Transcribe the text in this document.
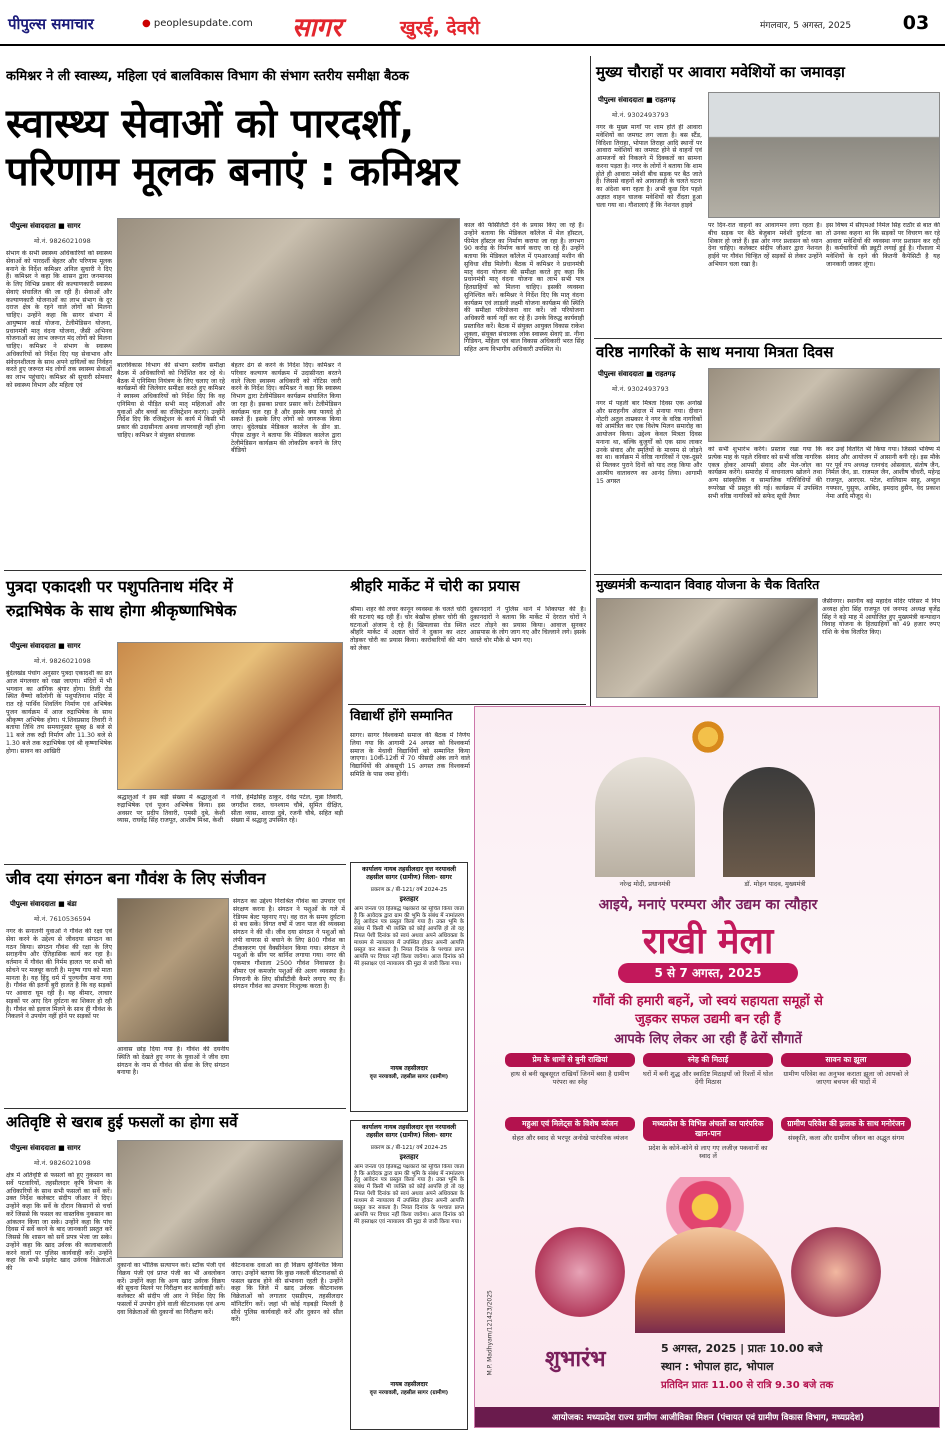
पीपुल्स समाचार	● peoplesupdate.com सागर	खुरई, देवरी	मंगलवार, 5 अगस्त, 2025	03
कमिश्नर ने ली स्वास्थ्य, महिला एवं बालविकास विभाग की संभाग स्तरीय समीक्षा बैठक
स्वास्थ्य सेवाओं को पारदर्शी,
परिणाम मूलक बनाएं : कमिश्नर
पीपुल्स संवाददाता ■ सागर
मो.नं. 9826021098
संभाग के सभी स्वास्थ्य अधिकारियों को स्वास्थ्य सेवाओं को पारदर्शी बेहतर और परिणाम मूलक बनाने के निर्देश कमिश्नर अनिल सुचारी ने दिए हैं। कमिश्नर ने कहा कि शासन द्वारा जनमानस के लिए विभिन्न प्रकार की कल्याणकारी स्वास्थ्य सेवाएं संचालित की जा रही हैं। सेवाओं और कल्याणकारी योजनाओं का लाभ संभाग के दूर दराज क्षेत्र के रहने वाले लोगों को मिलना चाहिए। उन्होंने कहा कि सागर संभाग में आयुष्मान कार्ड योजना, टेलीमेडिसन योजना, प्रधानमंत्री मातृ वंदना योजना, जैसी अभिनव योजनाओं का लाभ जरूरत मंद लोगों को मिलना चाहिए। कमिश्नर ने संभाग के स्वास्थ्य अधिकारियों को निर्देश दिए यह सेवाभाव और संवेदनशीलता के साथ अपने दायित्वों का निर्वहन करते हुए जरूरत मंद लोगों तक स्वास्थ्य सेवाओं का लाभ पहुंचाएं। कमिश्नर श्री सुचारी सोमवार को स्वास्थ्य विभाग और महिला एवं
बालविकास विभाग की संभाग स्तरीय समीक्षा बैठक में अधिकारियों को निर्देशित कर रहे थे। बैठक में एनिमिया नियंत्रण के लिए चलाए जा रहे कार्यक्रमों की जिलेवार समीक्षा करते हुए कमिश्नर ने स्वास्थ्य अधिकारियों को निर्देश दिए कि वह एनिमिया से पीड़ित सभी मातृ महिलाओं और युवाओं और बच्चों का रजिस्ट्रेशन कराएं। उन्होंने निर्देश दिए कि रजिस्ट्रेशन के कार्य में किसी भी प्रकार की उदासीनता अथवा लापरवाही नहीं होना चाहिए। कमिश्नर ने संयुक्त संचालक
बेहतर ढंग से करने के निर्देश दिए। कमिश्नर ने परिवार कल्याण कार्यक्रम में उदासीनता बरतने वाले जिला स्वास्थ्य अधिकारी को नोटिस जारी करने के निर्देश दिए। कमिश्नर ने कहा कि स्वास्थ्य विभाग द्वारा टेलीमेडिसन कार्यक्रम संचालित किया जा रहा है। इसका प्रचार प्रसार करें। टेलीमेडिसन कार्यक्रम चल रहा है और इसके क्या फायदे हो सकते हैं। इसके लिए लोगों को जागरूक किया जाए। बुंदेलखंड मेडिकल कालेज के डीन डा. पीएस ठाकुर ने बताया कि मेडिकल कालेज द्वारा टेलीमेडिसन कार्यक्रम की लोकप्रिय बनाने के लिए बीडियो
काल की फेसिलिटी देने के प्रयास किए जा रहे हैं। उन्होंने बताया कि मेडिकल कॉलेज में मेल हॉस्टल, फीमेल हॉस्टल का निर्माण कराया जा रहा है। लगभग 90 करोड़ के निर्माण कार्य कराए जा रहे हैं। उन्होंने बताया कि मेडिकल कॉलेज में एमआरआई मशीन की सुविधा शीघ्र मिलेगी। बैठक में कमिश्नर ने प्रधानमंत्री मातृ वंदना योजना की समीक्षा करते हुए कहा कि प्रधानमंत्री मातृ वंदना योजना का लाभ सभी पात्र हितग्राहियों को मिलना चाहिए। इसकी व्यवस्था सुनिश्चित करें। कमिश्नर ने निर्देश दिए कि मातृ वंदना कार्यक्रम एवं लाडली लक्ष्मी योजना कार्यक्रम की स्थिति की समीक्षा परियोजना वार करें। जो परियोजना अधिकारी कार्य नहीं कर रहे हैं। उनके विरुद्ध कार्यवाही प्रस्तावित करें। बैठक में संयुक्त आयुक्त विकास राकेश शुक्ला, संयुक्त संचालक लोक स्वास्थ्य सेवाएं डा. नीना गिडियन, महिला एवं बाल विकास अधिकारी भरत सिंह सहित अन्य विभागीय अधिकारी उपस्थित थे।
मुख्य चौराहों पर आवारा मवेशियों का जमावड़ा
पीपुल्स संवाददाता ■ राहतगढ़
मो.नं. 9302493793
नगर के मुख्य मार्गों पर शाम होते ही आवारा मवेशियों का जमघट लग जाता है। बस स्टैंड, विदिशा तिराहा, भोपाल तिराहा आदि स्थानों पर आवारा मवेशियों का जमघट होने से वाहनों एवं आमजनों को निकलने में दिक्कतों का सामना करना पड़ता है। नगर के लोगों ने बताया कि शाम होते ही आवारा मवेशी बीच सड़क पर बैठ जाते हैं। जिससे वाहनों को आवाजाही के चलते घटना का अंदेशा बना रहता है। अभी कुछ दिन पहले अज्ञात वाहन चालक मवेशियों को रौंदता हुआ चला गया था। गौशालाएं हैं कि नेशनल हाइवे
पर दिन-रात वाहनों का आवागमन लगा रहता है। बीच सड़क पर बैठे बेजुबान मवेशी दुर्घटना का शिकार हो जाते हैं। इस ओर नगर प्रशासन को ध्यान देना चाहिए। कलेक्टर संदीप जीआर द्वारा नेशनल हाईवे पर गौवंश चिन्हित रहें सड़कों से लेकर उन्होंने अभियान चला रखा है।
इस विषय में सीएमओ निर्मल सिंह राठौर से बात की तो उनका कहना था कि सड़कों पर विचरण कर रहे आवारा मवेशियों की व्यवस्था नगर प्रशासन कर रही है। कर्मचारियों की ड्यूटी लगाई हुई है। गौशाला में मवेशियों के रहने की कितनी कैपेसिटी है यह जानकारी जाकर लूंगा।
वरिष्ठ नागरिकों के साथ मनाया मित्रता दिवस
पीपुल्स संवाददाता ■ राहतगढ़
मो.नं. 9302493793
नगर में पहली बार मित्रता दिवस एक अनोखे और सराहनीय अंदाज में मनाया गया। दीवान नोटरी अतुल ताम्रकार ने नगर के वरिष्ठ नागरिकों को आमंत्रित कर एक विशेष मिलन समारोह का आयोजन किया। उद्देश्य केवल मित्रता दिवस मनाना था, बल्कि बुजुर्गों को एक साथ लाकर उनके संवाद और स्मृतियों के माध्यम से जोड़ने का था। कार्यक्रम में वरिष्ठ नागरिकों ने एक-दूसरे से मिलकर पुराने दिनों को याद तरह किया और आत्मीय वातावरण का आनंद लिया। आगामी 15 अगस्त
को सभी शुभारंभ करेंगे। प्रस्ताव रखा गया कि प्रत्येक माह के पहले रविवार को सभी वरिष्ठ नागरिक एकत्र होकर आपसी संवाद और मेल-जोल का कार्यक्रम करेंगे। समारोह में वाचनालय खोलने तथा अन्य सांस्कृतिक व सामाजिक गतिविधियों की रूपरेखा भी प्रस्तुत की गई। कार्यक्रम में उपस्थित सभी वरिष्ठ नागरिकों को सफेद सूची तैयार
कर उन्हें वितरित भी किया गया। जिससे भविष्य में संवाद और आयोजन में आसानी बनी रहे। इस मौके पर पूर्व नप अध्यक्ष रतनचंद ओसवाल, संतोष जैन, निर्मल जैन, डा. राजमल जैन, आशीष चौधरी, महेन्द्र राजपूत, आरएस. पटेल, शालिग्राम साहू, अब्दुल गफ्फार, युसुफ, आबिद, इमदाद हुसैन, वेद प्रकाश नेमा आदि मौजूद थे।
पुत्रदा एकादशी पर पशुपतिनाथ मंदिर में
रुद्राभिषेक के साथ होगा श्रीकृष्णाभिषेक
पीपुल्स संवाददाता ■ सागर
मो.नं. 9826021098
बुंदेलखंड पंचांग अनुसार पुत्रदा एकादशी का व्रत आज मंगलवार को रखा जाएगा। मंदिरों में भी भगवान का आंगिक श्रृंगार होगा। तिली रोड स्थित वैष्णो कॉलोनी के पशुपतिनाथ मंदिर में रात रहे पार्थिव शिवलिंग निर्माण एवं अभिषेक पूजन कार्यक्रम में आज रुद्राभिषेक के साथ श्रीकृष्ण अभिषेक होगा। पं.शिवप्रसाद तिवारी ने बताया तिथि तय समयानुसार सुबह 8 बजे से 11 बजे तक रुद्री निर्माण और 11.30 बजे से 1.30 बजे तक रुद्राभिषेक एवं श्री कृष्णाभिषेक होगा। सावन का आखिरी
श्रद्धालुओं ने इस बड़ी संख्या में श्रद्धालुओं ने रुद्राभिषेक एवं पूजन अभिषेक किया। इस अवसर पर प्रदीप तिवारी, एमसी दुबे, केशी व्यास, राघवेंद्र सिंह राजपूत, आशीष मिश्रा, केशी
गांधी, हेमेंद्रसिंह ठाकुर, देवेंद्र पटेल, मुन्ना तिवारी, जगदीश रावत, घनश्याम चौबे, सुमित दीक्षित, सीता व्यास, शारदा दुबे, रजनी चौबे, सहित बड़ी संख्या में श्रद्धालु उपस्थित रहे।
श्रीहरि मार्केट में चोरी का प्रयास
श्रीमा। शहर की लचर कानून व्यवस्था के चलते चोरी की घटनाएं बढ़ रही हैं। चोर बेखौफ होकर चोरी की घटनाओं अंजाम दे रहे हैं। खिमलासा रोड स्थित श्रीहरि मार्केट में अज्ञात चोरों ने दुकान का शटर तोड़कर चोरी का प्रयास किया। कारोबारियों की मांग को लेकर
दुकानदारों ने पुलिस थाने में शिकायत की है। दुकानदारों ने बताया कि मार्केट में देररात चोरों ने शटर तोड़ने का प्रयास किया। आवाज सुनकर आसपास के लोग जाग गए और चिल्लाने लगे। इसके चलते चोर मौके से भाग गए।
विद्यार्थी होंगे सम्मानित
सागर। सागर विश्वकर्मा समाज की बैठक में निर्णय लिया गया कि आगामी 24 अगस्त को विश्वकर्मा समाज के मेधावी विद्यार्थियों को सम्मानित किया जाएगा। 10वीं-12वीं में 70 फीसदी अंक लाने वाले विद्यार्थियों की अंकसूची 15 अगस्त तक विश्वकर्मा समिति के पास जमा होंगी।
मुख्यमंत्री कन्यादान विवाह योजना के चैक वितरित
जैसीनगर। स्थानीय बड़े महादेव मंदिर परिसर में निप अध्यक्ष होरा सिंह राजपूत एवं जनपद अध्यक्ष बृजेंद्र सिंह ने बड़े माह में आयोजित हुए मुख्यमंत्री कन्यादान विवाह योजना के हितग्राहियों को 49 हजार रुपए राशि के चेक वितरित किए।
जीव दया संगठन बना गौवंश के लिए संजीवन
पीपुल्स संवाददाता ■ बंडा
मो.नं. 7610536594
नगर के सनातनी युवाओं ने गौवंश की रक्षा एवं सेवा करने के उद्देश्य से जीवदया संगठन का गठन किया। संगठन गौवंश की रक्षा के लिए सराहनीय और ऐतिहासिक कार्य कर रहा है। वर्तमान में गौवंश की निर्मम हालत पर सभी को सोचने पर मजबूर करती है। मनुष्य गाय को माता मानता है। यह हिंदू धर्म में पूज्यनीय माना गया है। गौवंश की इतनी बुरी हालत है कि वह सड़कों पर आवारा घूम रही है। यह बीमार, लाचार सड़कों पर आए दिन दुर्घटना का शिकार हो रही है। गौवंश को इलाज मिलने के साथ ही गौवंश के निकलने ने उपयोग नहीं होने पर सड़कों पर
आवास छोड़ दिया गया है। गौवंश की दयनीय स्थिति को देखते हुए नगर के युवाओं ने जीव दया संगठन के नाम से गौवंश की सेवा के लिए संगठन बनाया है।
संगठन का उद्देश्य निराश्रित गौवंश का उपचार एवं संरक्षण करना है। संगठन ने पशुओं के गले में रेडियम बेल्ट पहनाए गए। वह रात के समय दुर्घटना से बच सकें। विगत वर्षों में जान पाल की व्यवस्था संगठन ने की थी। जीव दया संगठन ने पशुओं को लंपी वायरस से बचाने के लिए 800 गौवंश का टीकाकरण एवं वैक्सीनेशन किया गया। संगठन ने पशुओं के सींग पर बार्निश लगाया गया। नगर की एकमात्र गौशाला 2500 गौवंश निवासरत है। बीमार एवं कमजोर पशुओं की अलग व्यवस्था है। निगरानी के लिए सीसीटीवी कैमरे लगाए गए हैं। संगठन गौवंश का उपचार निःशुल्क करता है।
अतिवृष्टि से खराब हुई फसलों का होगा सर्वे
पीपुल्स संवाददाता ■ सागर
मो.नं. 9826021098
क्षेत्र में अतिवृष्टि से फसलों को हुए नुकसान का सर्वे पटवारियों, तहसीलदार कृषि विभाग के अधिकारियों के साथ सभी फसलों का सर्वे करें। उक्त निर्देश कलेक्टर संदीप जीआर ने दिए। उन्होंने कहा कि सर्वे के दौरान किसानों से चर्चा करें जिससे कि फसल का वास्तविक नुकसान का आंकलन किया जा सके। उन्होंने कहा कि पांच दिवस में सर्वे करने के बाद जानकारी प्रस्तुत करें जिससे कि शासन को सर्वे प्रपत्र भेजा जा सके। उन्होंने कहा कि खाद उर्वरक की कालाबाजारी करने वालों पर पुलिस कार्यवाही करें। उन्होंने कहा कि सभी प्राइवेट खाद उर्वरक विक्रेताओं की	दुकानों का भौतिक सत्यापन करें। स्टॉक पंजी एवं विक्रय पंजी एवं प्राप्त पंजी का भी अवलोकन करें। उन्होंने कहा कि अन्य खाद उर्वरक विक्रय की सूचना मिलने पर निरीक्षण कर कार्यवाही करें। कलेक्टर श्री संदीप जी आर ने निर्देश दिए कि फसलों में उपयोग होने वाली कीटनाशक एवं अन्य दवा विक्रेताओं की दुकानों का निरीक्षण करें।
कीटनाशक दवाओं का ही विक्रय सुनिश्चित किया जाए। उन्होंने बताया कि कुछ नकली कीटनाशकों से फसल खराब होने की संभावना रहती है। उन्होंने कहा कि जिले में खाद उर्वरक कीटनाशक विक्रेताओं को लगातार एसडीएम, तहसीलदार मॉनिटरिंग करें। जहां भी कोई गड़बड़ी मिलती है सीधे पुलिस कार्यवाही करें और दुकान को सील करें।
कार्यालय नायब तहसीलदार वृत्त नरयावली तहसील सागर (ग्रामीण) जिला- सागर
प्रकरण क्र./ बी-121/ वर्ष 2024-25
इश्तहार
आम जनता एवं हितबद्ध पक्षकारों को सूचित किया जाता है कि आवेदक द्वारा ग्राम की भूमि के संबंध में नामांतरण हेतु आवेदन पत्र प्रस्तुत किया गया है। उक्त भूमि के संबंध में किसी भी व्यक्ति को कोई आपत्ति हो तो वह नियत पेशी दिनांक को स्वयं अथवा अपने अधिवक्ता के माध्यम से न्यायालय में उपस्थित होकर अपनी आपत्ति प्रस्तुत कर सकता है। नियत दिनांक के पश्चात प्राप्त आपत्ति पर विचार नहीं किया जावेगा। आज दिनांक को मेरे हस्ताक्षर एवं न्यायालय की मुद्रा से जारी किया गया।
नायब तहसीलदार
वृत्त नरयावली, तहसील सागर (ग्रामीण)
कार्यालय नायब तहसीलदार वृत्त नरयावली तहसील सागर (ग्रामीण) जिला- सागर
प्रकरण क्र./ बी-121/ वर्ष 2024-25
इश्तहार
आम जनता एवं हितबद्ध पक्षकारों को सूचित किया जाता है कि आवेदक द्वारा ग्राम की भूमि के संबंध में नामांतरण हेतु आवेदन पत्र प्रस्तुत किया गया है। उक्त भूमि के संबंध में किसी भी व्यक्ति को कोई आपत्ति हो तो वह नियत पेशी दिनांक को स्वयं अथवा अपने अधिवक्ता के माध्यम से न्यायालय में उपस्थित होकर अपनी आपत्ति प्रस्तुत कर सकता है। नियत दिनांक के पश्चात प्राप्त आपत्ति पर विचार नहीं किया जावेगा। आज दिनांक को मेरे हस्ताक्षर एवं न्यायालय की मुद्रा से जारी किया गया।
नायब तहसीलदार
वृत्त नरयावली, तहसील सागर (ग्रामीण)
नरेन्द्र मोदी, प्रधानमंत्री	डॉ. मोहन यादव, मुख्यमंत्री
आइये, मनाएं परम्परा और उद्यम का त्यौहार
राखी मेला
5 से 7 अगस्त, 2025
गाँवों की हमारी बहनें, जो स्वयं सहायता समूहों से
जुड़कर सफल उद्यमी बन रही हैं
आपके लिए लेकर आ रही हैं ढेरों सौगातें
प्रेम के धागों से बुनी राखियां
हाथ से बनी खूबसूरत राखियाँ जिनमें बसा है ग्रामीण परंपरा का स्नेह
स्नेह की मिठाई
घरों में बनी शुद्ध और स्वादिष्ट मिठाइयाँ जो रिश्तों में घोल देंगी मिठास
सावन का झूला
ग्रामीण परिवेश का अनुभव कराता झूला जो आपको ले जाएगा बचपन की यादों में
महुआ एवं मिलेट्स के विशेष व्यंजन
सेहत और स्वाद से भरपूर अनोखे पारंपरिक व्यंजन
मध्यप्रदेश के विभिन्न अंचलों का पारंपरिक खान-पान
प्रदेश के कोने-कोने से लाए गए लजीज़ पकवानों का स्वाद लें
ग्रामीण परिवेश की झलक के साथ मनोरंजन
संस्कृति, कला और ग्रामीण जीवन का अद्भुत संगम
M.P. Madhyam/121423/2025 शुभारंभ	5 अगस्त, 2025 | प्रातः 10.00 बजे
स्थान : भोपाल हाट, भोपाल
प्रतिदिन प्रातः 11.00 से रात्रि 9.30 बजे तक
आयोजक: मध्यप्रदेश राज्य ग्रामीण आजीविका मिशन (पंचायत एवं ग्रामीण विकास विभाग, मध्यप्रदेश)
